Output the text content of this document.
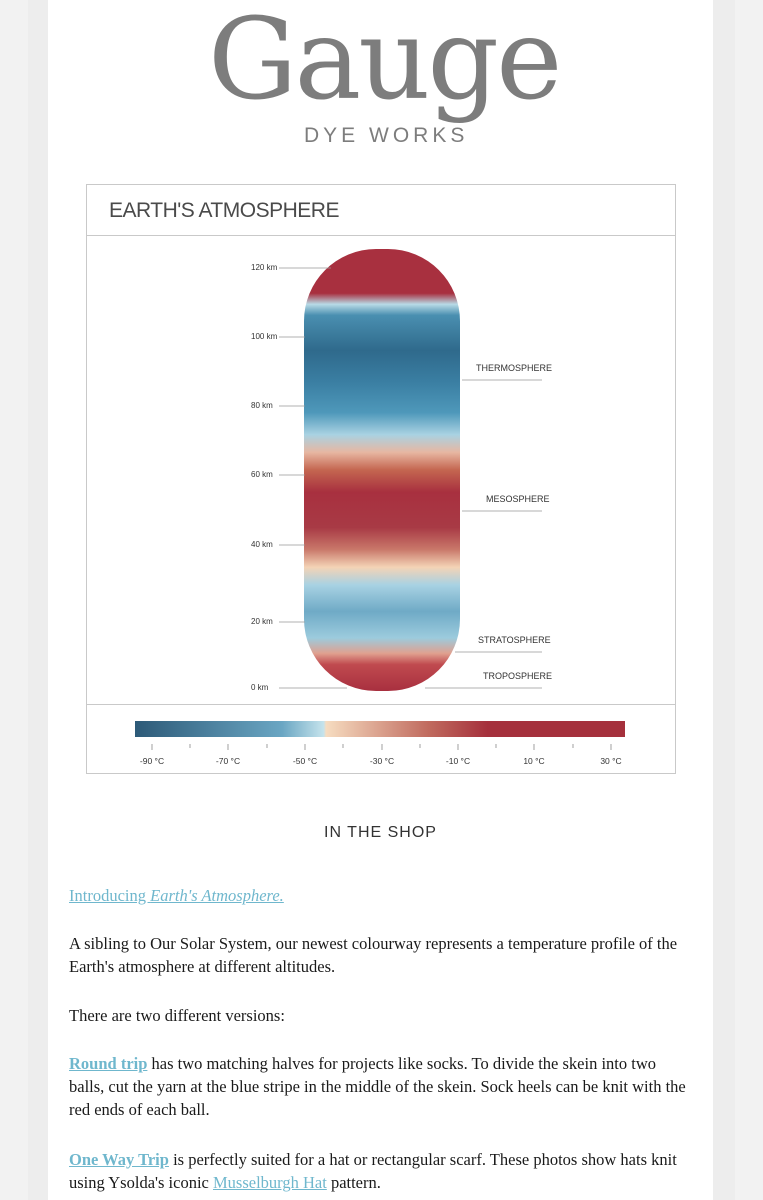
Gauge
DYE WORKS
EARTH'S ATMOSPHERE
120 km
100 km
80 km
60 km
40 km
20 km
0 km
THERMOSPHERE
MESOSPHERE
STRATOSPHERE
TROPOSPHERE
-90 °C	-70 °C	-50 °C	-30 °C	-10 °C	10 °C	30 °C
IN THE SHOP
Introducing Earth's Atmosphere.
A sibling to Our Solar System, our newest colourway represents a temperature profile of the Earth's atmosphere at different altitudes.
There are two different versions:
Round trip has two matching halves for projects like socks. To divide the skein into two balls, cut the yarn at the blue stripe in the middle of the skein. Sock heels can be knit with the red ends of each ball.
One Way Trip is perfectly suited for a hat or rectangular scarf. These photos show hats knit using Ysolda's iconic Musselburgh Hat pattern.
